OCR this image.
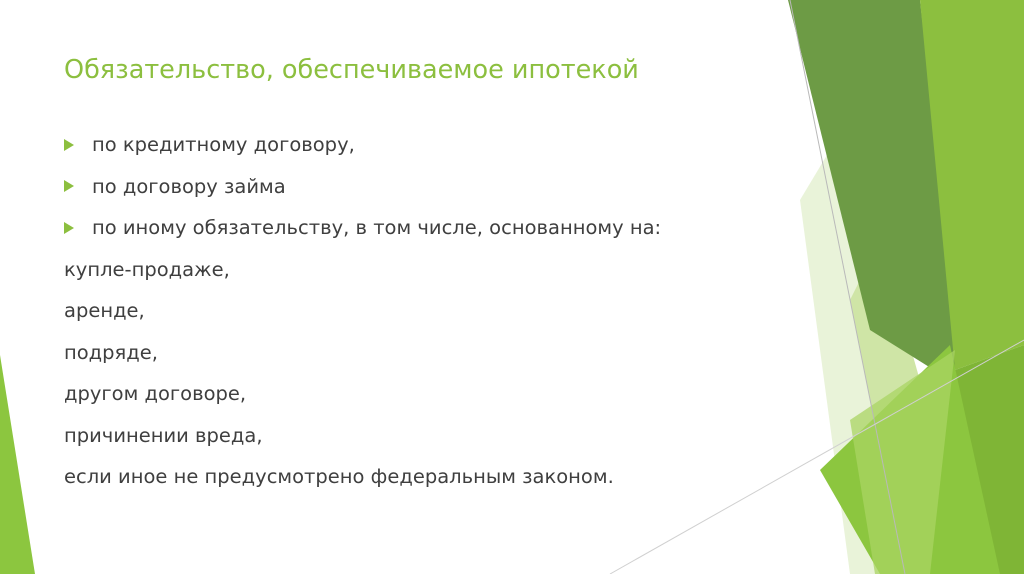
Обязательство, обеспечиваемое ипотекой
по кредитному договору,
по договору займа
по иному обязательству, в том числе, основанному на:
купле-продаже,
аренде,
подряде,
другом договоре,
причинении вреда,
если иное не предусмотрено федеральным законом.
